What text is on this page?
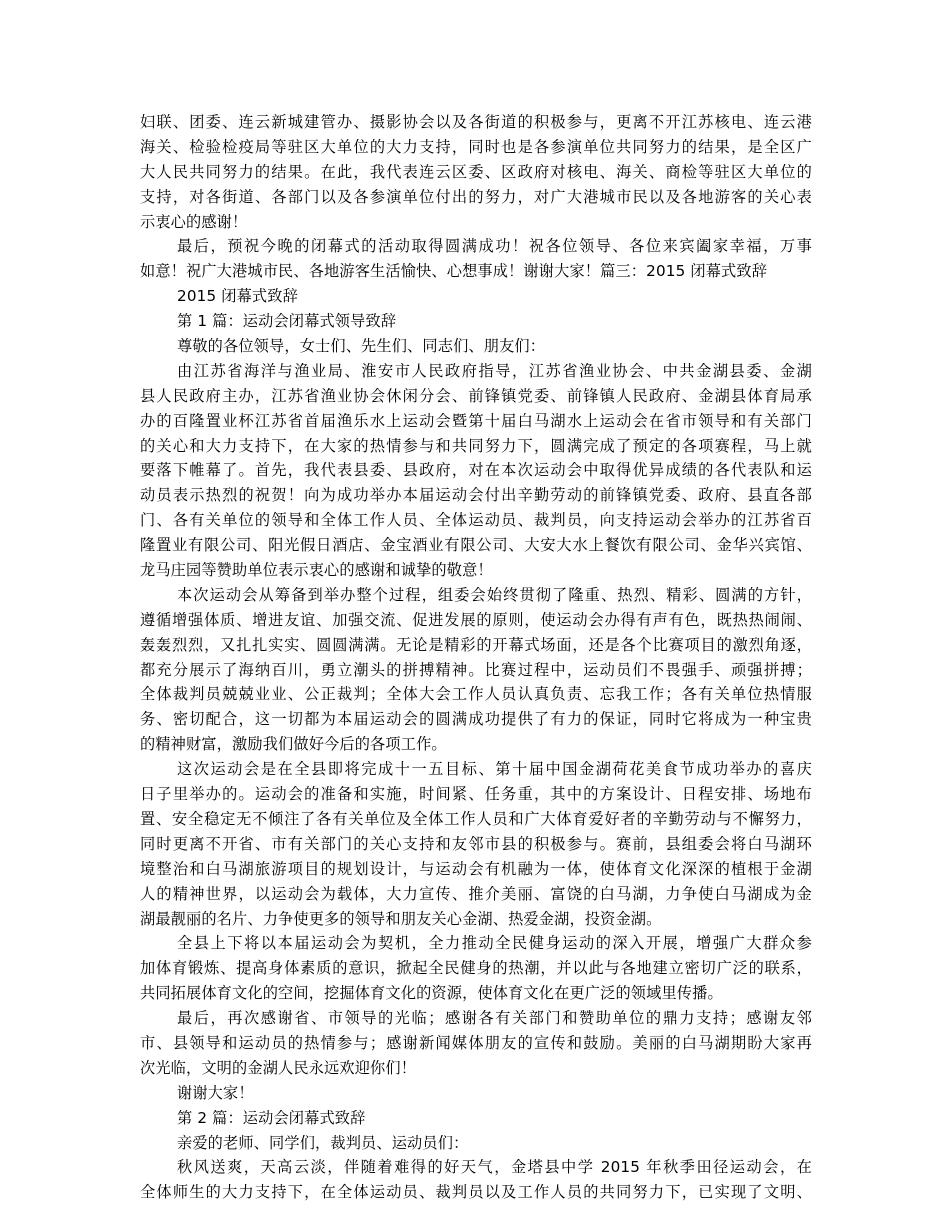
妇联、团委、连云新城建管办、摄影协会以及各街道的积极参与，更离不开江苏核电、连云港
海关、检验检疫局等驻区大单位的大力支持，同时也是各参演单位共同努力的结果，是全区广
大人民共同努力的结果。在此，我代表连云区委、区政府对核电、海关、商检等驻区大单位的
支持，对各街道、各部门以及各参演单位付出的努力，对广大港城市民以及各地游客的关心表
示衷心的感谢！
最后，预祝今晚的闭幕式的活动取得圆满成功！祝各位领导、各位来宾阖家幸福，万事
如意！祝广大港城市民、各地游客生活愉快、心想事成！谢谢大家！篇三：2015 闭幕式致辞
2015 闭幕式致辞
第 1 篇：运动会闭幕式领导致辞
尊敬的各位领导，女士们、先生们、同志们、朋友们：
由江苏省海洋与渔业局、淮安市人民政府指导，江苏省渔业协会、中共金湖县委、金湖
县人民政府主办，江苏省渔业协会休闲分会、前锋镇党委、前锋镇人民政府、金湖县体育局承
办的百隆置业杯江苏省首届渔乐水上运动会暨第十届白马湖水上运动会在省市领导和有关部门
的关心和大力支持下，在大家的热情参与和共同努力下，圆满完成了预定的各项赛程，马上就
要落下帷幕了。首先，我代表县委、县政府，对在本次运动会中取得优异成绩的各代表队和运
动员表示热烈的祝贺！向为成功举办本届运动会付出辛勤劳动的前锋镇党委、政府、县直各部
门、各有关单位的领导和全体工作人员、全体运动员、裁判员，向支持运动会举办的江苏省百
隆置业有限公司、阳光假日酒店、金宝酒业有限公司、大安大水上餐饮有限公司、金华兴宾馆、
龙马庄园等赞助单位表示衷心的感谢和诚挚的敬意！
本次运动会从筹备到举办整个过程，组委会始终贯彻了隆重、热烈、精彩、圆满的方针，
遵循增强体质、增进友谊、加强交流、促进发展的原则，使运动会办得有声有色，既热热闹闹、
轰轰烈烈，又扎扎实实、圆圆满满。无论是精彩的开幕式场面，还是各个比赛项目的激烈角逐，
都充分展示了海纳百川，勇立潮头的拼搏精神。比赛过程中，运动员们不畏强手、顽强拼搏；
全体裁判员兢兢业业、公正裁判；全体大会工作人员认真负责、忘我工作；各有关单位热情服
务、密切配合，这一切都为本届运动会的圆满成功提供了有力的保证，同时它将成为一种宝贵
的精神财富，激励我们做好今后的各项工作。
这次运动会是在全县即将完成十一五目标、第十届中国金湖荷花美食节成功举办的喜庆
日子里举办的。运动会的准备和实施，时间紧、任务重，其中的方案设计、日程安排、场地布
置、安全稳定无不倾注了各有关单位及全体工作人员和广大体育爱好者的辛勤劳动与不懈努力，
同时更离不开省、市有关部门的关心支持和友邻市县的积极参与。赛前，县组委会将白马湖环
境整治和白马湖旅游项目的规划设计，与运动会有机融为一体，使体育文化深深的植根于金湖
人的精神世界，以运动会为载体，大力宣传、推介美丽、富饶的白马湖，力争使白马湖成为金
湖最靓丽的名片、力争使更多的领导和朋友关心金湖、热爱金湖，投资金湖。
全县上下将以本届运动会为契机，全力推动全民健身运动的深入开展，增强广大群众参
加体育锻炼、提高身体素质的意识，掀起全民健身的热潮，并以此与各地建立密切广泛的联系，
共同拓展体育文化的空间，挖掘体育文化的资源，使体育文化在更广泛的领域里传播。
最后，再次感谢省、市领导的光临；感谢各有关部门和赞助单位的鼎力支持；感谢友邻
市、县领导和运动员的热情参与；感谢新闻媒体朋友的宣传和鼓励。美丽的白马湖期盼大家再
次光临，文明的金湖人民永远欢迎你们！
谢谢大家！
第 2 篇：运动会闭幕式致辞
亲爱的老师、同学们，裁判员、运动员们：
秋风送爽，天高云淡，伴随着难得的好天气，金塔县中学 2015 年秋季田径运动会，在
全体师生的大力支持下，在全体运动员、裁判员以及工作人员的共同努力下，已实现了文明、
